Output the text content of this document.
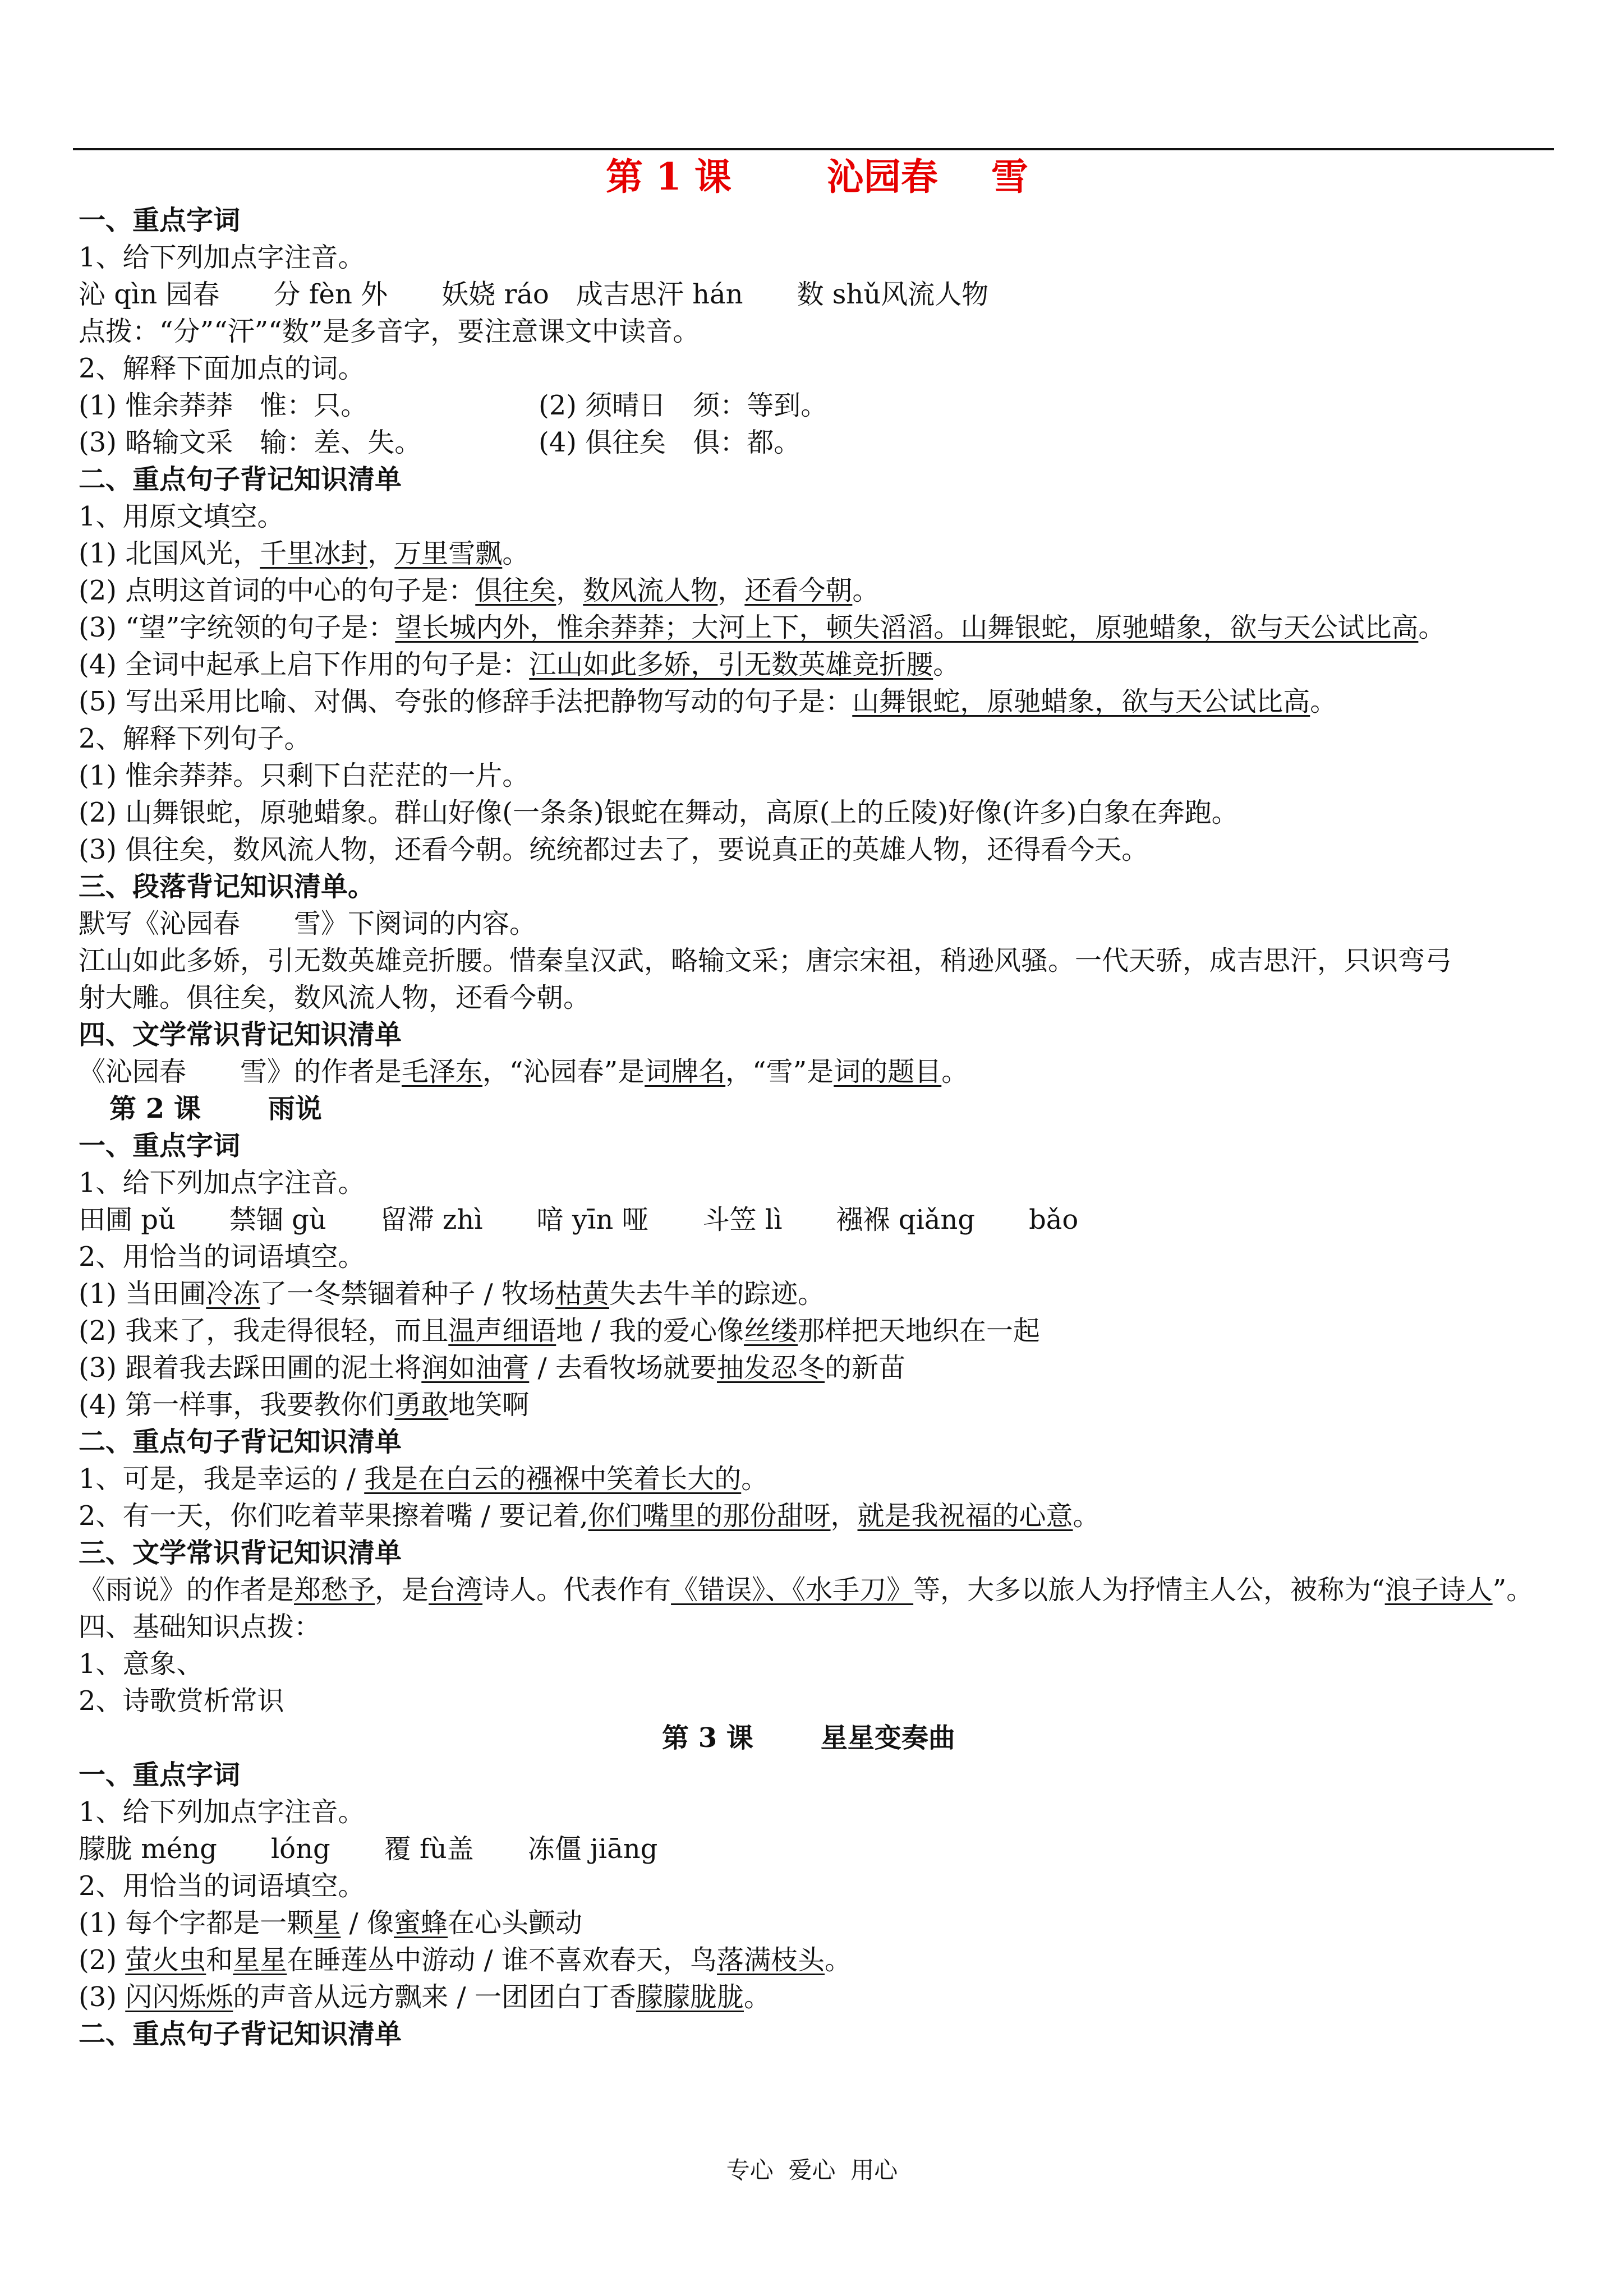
第 1 课	沁园春 雪
一、重点字词
1、给下列加点字注音。
沁 qìn 园春　　分 fèn 外　　妖娆 ráo　成吉思汗 hán　　数 shǔ风流人物
点拨：“分”“汗”“数”是多音字，要注意课文中读音。
2、解释下面加点的词。
(1) 惟余莽莽　惟：只。	(2) 须晴日　须：等到。
(3) 略输文采　输：差、失。	(4) 俱往矣　俱：都。
二、重点句子背记知识清单
1、用原文填空。
(1) 北国风光，千里冰封，万里雪飘。
(2) 点明这首词的中心的句子是：俱往矣，数风流人物，还看今朝。
(3) “望”字统领的句子是：望长城内外，惟余莽莽；大河上下，顿失滔滔。山舞银蛇，原驰蜡象，欲与天公试比高。
(4) 全词中起承上启下作用的句子是：江山如此多娇，引无数英雄竞折腰。
(5) 写出采用比喻、对偶、夸张的修辞手法把静物写动的句子是：山舞银蛇，原驰蜡象，欲与天公试比高。
2、解释下列句子。
(1) 惟余莽莽。只剩下白茫茫的一片。
(2) 山舞银蛇，原驰蜡象。群山好像(一条条)银蛇在舞动，高原(上的丘陵)好像(许多)白象在奔跑。
(3) 俱往矣，数风流人物，还看今朝。统统都过去了，要说真正的英雄人物，还得看今天。
三、段落背记知识清单。
默写《沁园春　　雪》下阕词的内容。
江山如此多娇，引无数英雄竞折腰。惜秦皇汉武，略输文采；唐宗宋祖，稍逊风骚。一代天骄，成吉思汗，只识弯弓
射大雕。俱往矣，数风流人物，还看今朝。
四、文学常识背记知识清单
《沁园春　　雪》的作者是毛泽东，“沁园春”是词牌名，“雪”是词的题目。
第 2 课	雨说
一、重点字词
1、给下列加点字注音。
田圃 pǔ　　禁锢 gù　　留滞 zhì　　喑 yīn 哑　　斗笠 lì　　襁褓 qiǎng　　bǎo
2、用恰当的词语填空。
(1) 当田圃冷冻了一冬禁锢着种子 / 牧场枯黄失去牛羊的踪迹。
(2) 我来了，我走得很轻，而且温声细语地 / 我的爱心像丝缕那样把天地织在一起
(3) 跟着我去踩田圃的泥土将润如油膏 / 去看牧场就要抽发忍冬的新苗
(4) 第一样事，我要教你们勇敢地笑啊
二、重点句子背记知识清单
1、可是，我是幸运的 / 我是在白云的襁褓中笑着长大的。
2、有一天，你们吃着苹果擦着嘴 / 要记着,你们嘴里的那份甜呀，就是我祝福的心意。
三、文学常识背记知识清单
《雨说》的作者是郑愁予，是台湾诗人。代表作有《错误》、《水手刀》等，大多以旅人为抒情主人公，被称为“浪子诗人”。
四、基础知识点拨：
1、意象、
2、诗歌赏析常识
第 3 课	星星变奏曲
一、重点字词
1、给下列加点字注音。
朦胧 méng　　lóng　　覆 fù盖　　冻僵 jiāng
2、用恰当的词语填空。
(1) 每个字都是一颗星 / 像蜜蜂在心头颤动
(2) 萤火虫和星星在睡莲丛中游动 / 谁不喜欢春天，鸟落满枝头。
(3) 闪闪烁烁的声音从远方飘来 / 一团团白丁香朦朦胧胧。
二、重点句子背记知识清单
专心  爱心  用心
